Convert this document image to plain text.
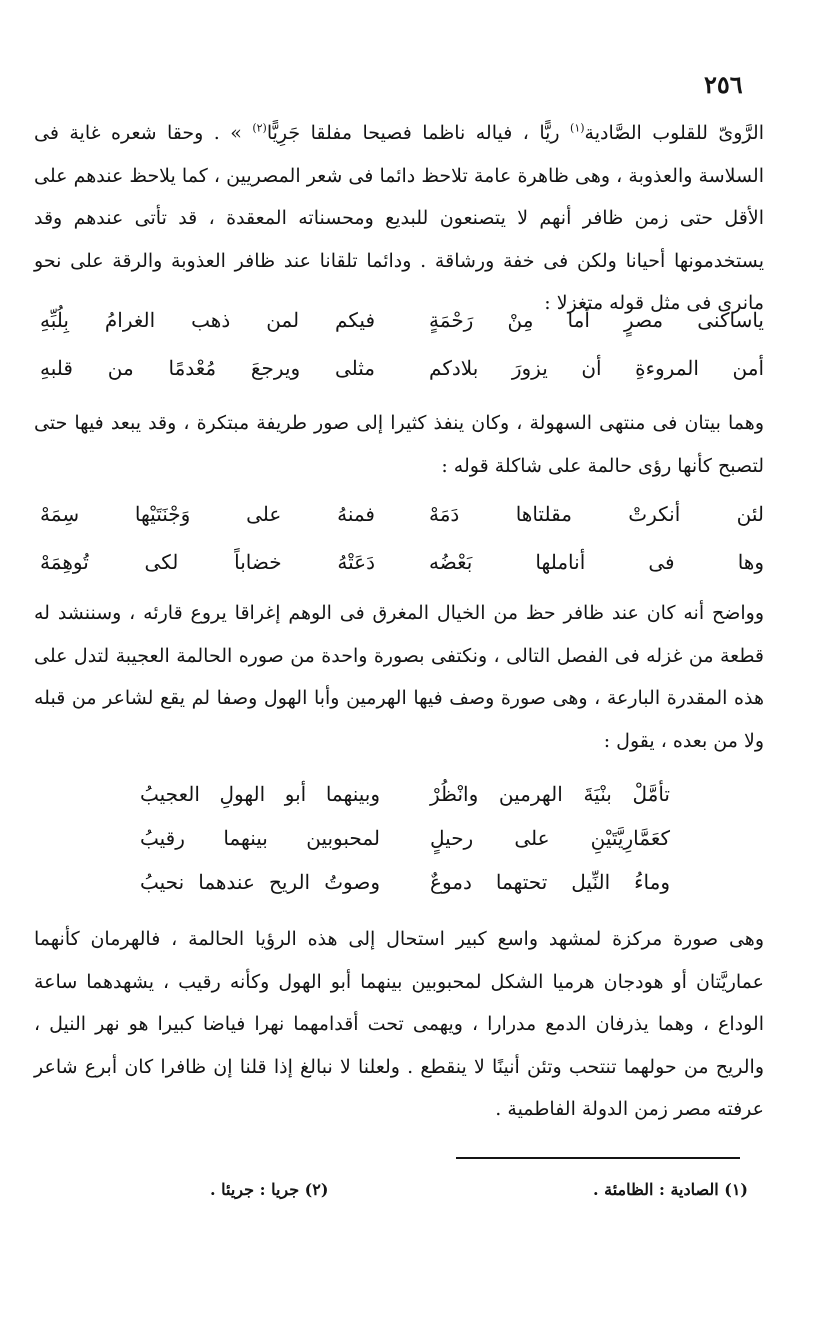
٢٥٦
الرَّوىّ للقلوب الصَّادية$^{(١)}$ ريًّا ، فياله ناظما فصيحا مفلقا جَرِيًّا$^{(٢)}$ » . وحقا شعره غاية فى السلاسة والعذوبة ، وهى ظاهرة عامة تلاحظ دائما فى شعر المصريين ، كما يلاحظ عندهم على الأقل حتى زمن ظافر أنهم لا يتصنعون للبديع ومحسناته المعقدة ، قد تأتى عندهم وقد يستخدمونها أحيانا ولكن فى خفة ورشاقة . ودائما تلقانا عند ظافر العذوبة والرقة على نحو مانرى فى مثل قوله متغزلا :
ياساكنى
مصرٍ
أما
مِنْ
رَحْمَةٍ
فيكم
لمن
ذهب
الغرامُ
بِلُبِّهِ
أمن
المروءةِ
أن
يزورَ
بلادكم
مثلى
ويرجعَ
مُعْدمًا
من
قلبهِ
وهما بيتان فى منتهى السهولة ، وكان ينفذ كثيرا إلى صور طريفة مبتكرة ، وقد يبعد فيها حتى لتصبح كأنها رؤى حالمة على شاكلة قوله :
لئن
أنكرتْ
مقلتاها
دَمَهْ
فمنهُ
على
وَجْنَتَيْها
سِمَهْ
وها
فى
أناملها
بَعْضُه
دَعَتْهُ
خضاباً
لكى
تُوهِمَهْ
وواضح أنه كان عند ظافر حظ من الخيال المغرق فى الوهم إغراقا يروع قارئه ، وسننشد له قطعة من غزله فى الفصل التالى ، ونكتفى بصورة واحدة من صوره الحالمة العجيبة لتدل على هذه المقدرة البارعة ، وهى صورة وصف فيها الهرمين وأبا الهول وصفا لم يقع لشاعر من قبله ولا من بعده ، يقول :
تأمَّلْ
بنْيَةَ
الهرمين
وانْظُرْ
وبينهما
أبو
الهولِ
العجيبُ
كعَمَّارِيَّتَيْنِ
على
رحيلٍ
لمحبوبين
بينهما
رقيبُ
وماءُ
النِّيل
تحتهما
دموعٌ
وصوتُ
الريح
عندهما
نحيبُ
وهى صورة مركزة لمشهد واسع كبير استحال إلى هذه الرؤيا الحالمة ، فالهرمان كأنهما عماريَّتان أو هودجان هرميا الشكل لمحبوبين بينهما أبو الهول وكأنه رقيب ، يشهدهما ساعة الوداع ، وهما يذرفان الدمع مدرارا ، ويهمى تحت أقدامهما نهرا فياضا كبيرا هو نهر النيل ، والريح من حولهما تنتحب وتئن أنينًا لا ينقطع . ولعلنا لا نبالغ إذا قلنا إن ظافرا كان أبرع شاعر عرفته مصر زمن الدولة الفاطمية .
(١) الصادية : الظامئة .
(٢) جريا : جريئا .
